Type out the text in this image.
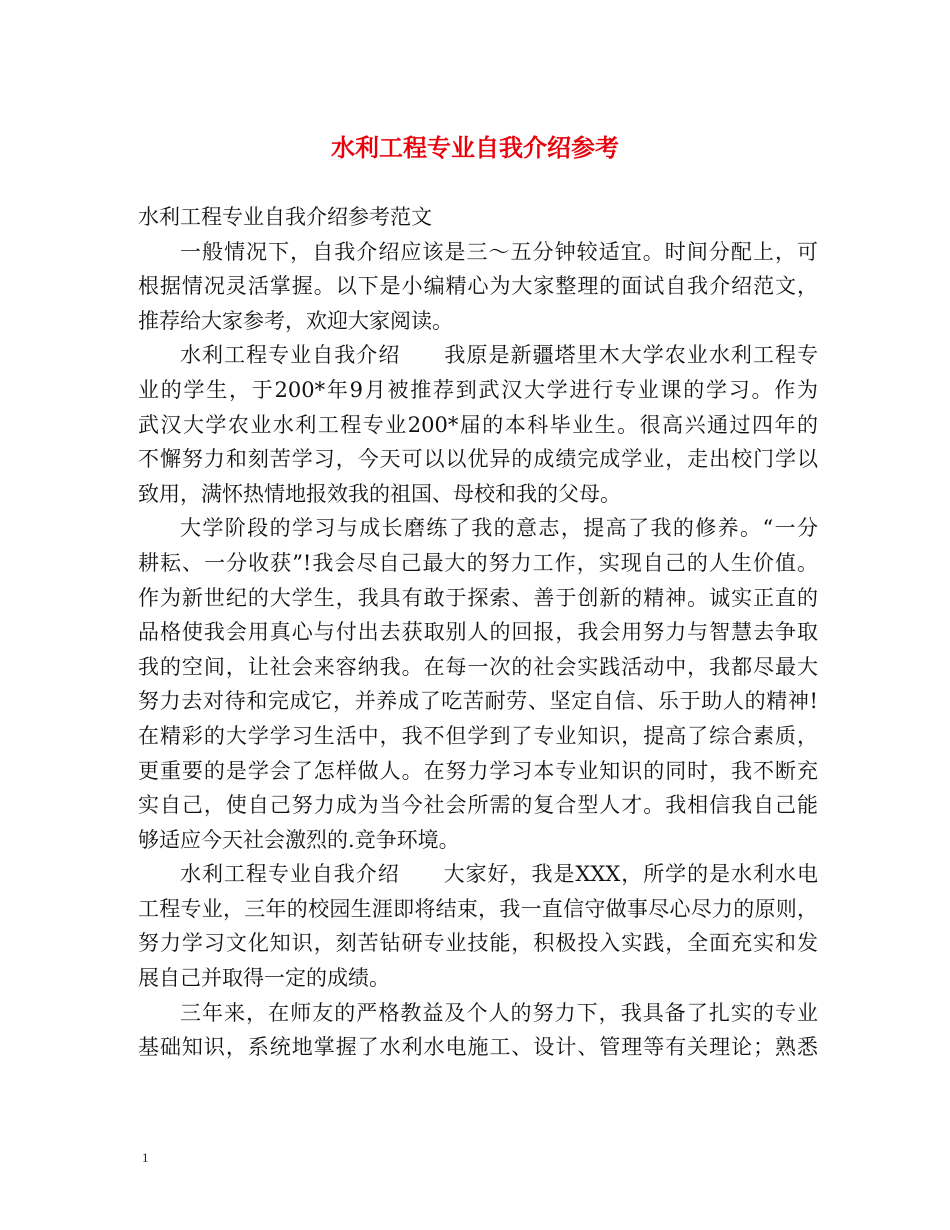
水利工程专业自我介绍参考
水利工程专业自我介绍参考范文
一般情况下，自我介绍应该是三～五分钟较适宜。时间分配上，可
根据情况灵活掌握。以下是小编精心为大家整理的面试自我介绍范文，
推荐给大家参考，欢迎大家阅读。
水利工程专业自我介绍　　我原是新疆塔里木大学农业水利工程专
业的学生，于200*年9月被推荐到武汉大学进行专业课的学习。作为
武汉大学农业水利工程专业200*届的本科毕业生。很高兴通过四年的
不懈努力和刻苦学习，今天可以以优异的成绩完成学业，走出校门学以
致用，满怀热情地报效我的祖国、母校和我的父母。
大学阶段的学习与成长磨练了我的意志，提高了我的修养。“一分
耕耘、一分收获”!我会尽自己最大的努力工作，实现自己的人生价值。
作为新世纪的大学生，我具有敢于探索、善于创新的精神。诚实正直的
品格使我会用真心与付出去获取别人的回报，我会用努力与智慧去争取
我的空间，让社会来容纳我。在每一次的社会实践活动中，我都尽最大
努力去对待和完成它，并养成了吃苦耐劳、坚定自信、乐于助人的精神!
在精彩的大学学习生活中，我不但学到了专业知识，提高了综合素质，
更重要的是学会了怎样做人。在努力学习本专业知识的同时，我不断充
实自己，使自己努力成为当今社会所需的复合型人才。我相信我自己能
够适应今天社会激烈的.竞争环境。
水利工程专业自我介绍　　大家好，我是XXX，所学的是水利水电
工程专业，三年的校园生涯即将结束，我一直信守做事尽心尽力的原则，
努力学习文化知识，刻苦钻研专业技能，积极投入实践，全面充实和发
展自己并取得一定的成绩。
三年来，在师友的严格教益及个人的努力下，我具备了扎实的专业
基础知识，系统地掌握了水利水电施工、设计、管理等有关理论；熟悉
1
